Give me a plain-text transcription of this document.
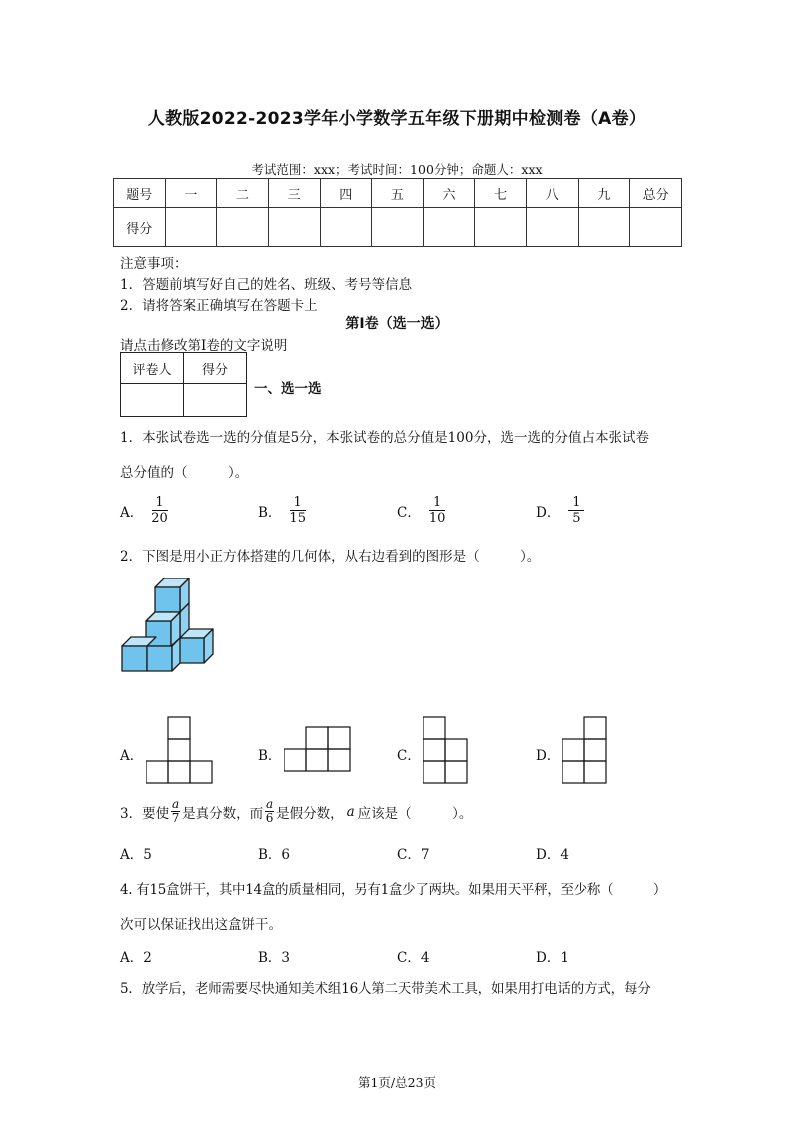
人教版2022-2023学年小学数学五年级下册期中检测卷（A卷）
考试范围：xxx；考试时间：100分钟；命题人：xxx
题号	一	二	三	四	五	六	七	八	九	总分
得分										
注意事项：
1．答题前填写好自己的姓名、班级、考号等信息
2．请将答案正确填写在答题卡上
第I卷（选一选）
请点击修改第I卷的文字说明
评卷人	得分

一、选一选
1．本张试卷选一选的分值是5分，本张试卷的总分值是100分，选一选的分值占本张试卷
总分值的（　　　）。
A． $\frac{1}{20}$	B． $\frac{1}{15}$	C． $\frac{1}{10}$	D． $\frac{1}{5}$
2．下图是用小正方体搭建的几何体，从右边看到的图形是（　　　）。
A．	B．	C．	D．
3．要使
a
7 是真分数，而
a
6 是假分数， a 应该是（　　　）。
A．5	B．6	C．7	D．4
4. 有15盒饼干，其中14盒的质量相同，另有1盒少了两块。如果用天平秤，至少称（　　　）
次可以保证找出这盒饼干。
A．2	B．3	C．4	D．1
5．放学后，老师需要尽快通知美术组16人第二天带美术工具，如果用打电话的方式，每分
第1页/总23页
